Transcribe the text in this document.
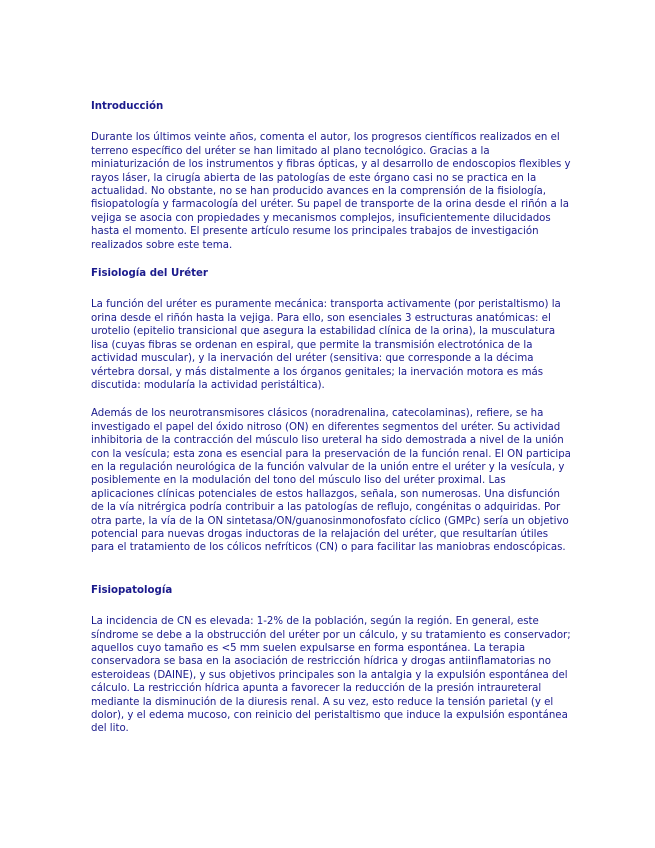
Introducción

Durante los últimos veinte años, comenta el autor, los progresos científicos realizados en el terreno específico del uréter se han limitado al plano tecnológico. Gracias a la miniaturización de los instrumentos y fibras ópticas, y al desarrollo de endoscopios flexibles y rayos láser, la cirugía abierta de las patologías de este órgano casi no se practica en la actualidad. No obstante, no se han producido avances en la comprensión de la fisiología, fisiopatología y farmacología del uréter. Su papel de transporte de la orina desde el riñón a la vejiga se asocia con propiedades y mecanismos complejos, insuficientemente dilucidados hasta el momento. El presente artículo resume los principales trabajos de investigación realizados sobre este tema.

Fisiología del Uréter

La función del uréter es puramente mecánica: transporta activamente (por peristaltismo) la orina desde el riñón hasta la vejiga. Para ello, son esenciales 3 estructuras anatómicas: el urotelio (epitelio transicional que asegura la estabilidad clínica de la orina), la musculatura lisa (cuyas fibras se ordenan en espiral, que permite la transmisión electrotónica de la actividad muscular), y la inervación del uréter (sensitiva: que corresponde a la décima vértebra dorsal, y más distalmente a los órganos genitales; la inervación motora es más discutida: modularía la actividad peristáltica).

Además de los neurotransmisores clásicos (noradrenalina, catecolaminas), refiere, se ha investigado el papel del óxido nitroso (ON) en diferentes segmentos del uréter. Su actividad inhibitoria de la contracción del músculo liso ureteral ha sido demostrada a nivel de la unión con la vesícula; esta zona es esencial para la preservación de la función renal. El ON participa en la regulación neurológica de la función valvular de la unión entre el uréter y la vesícula, y posiblemente en la modulación del tono del músculo liso del uréter proximal. Las aplicaciones clínicas potenciales de estos hallazgos, señala, son numerosas. Una disfunción de la vía nitrérgica podría contribuir a las patologías de reflujo, congénitas o adquiridas. Por otra parte, la vía de la ON sintetasa/ON/guanosinmonofosfato cíclico (GMPc) sería un objetivo potencial para nuevas drogas inductoras de la relajación del uréter, que resultarían útiles para el tratamiento de los cólicos nefríticos (CN) o para facilitar las maniobras endoscópicas.

Fisiopatología

La incidencia de CN es elevada: 1-2% de la población, según la región. En general, este síndrome se debe a la obstrucción del uréter por un cálculo, y su tratamiento es conservador; aquellos cuyo tamaño es <5 mm suelen expulsarse en forma espontánea. La terapia conservadora se basa en la asociación de restricción hídrica y drogas antiinflamatorias no esteroideas (DAINE), y sus objetivos principales son la antalgia y la expulsión espontánea del cálculo. La restricción hídrica apunta a favorecer la reducción de la presión intraureteral mediante la disminución de la diuresis renal. A su vez, esto reduce la tensión parietal (y el dolor), y el edema mucoso, con reinicio del peristaltismo que induce la expulsión espontánea del lito.
